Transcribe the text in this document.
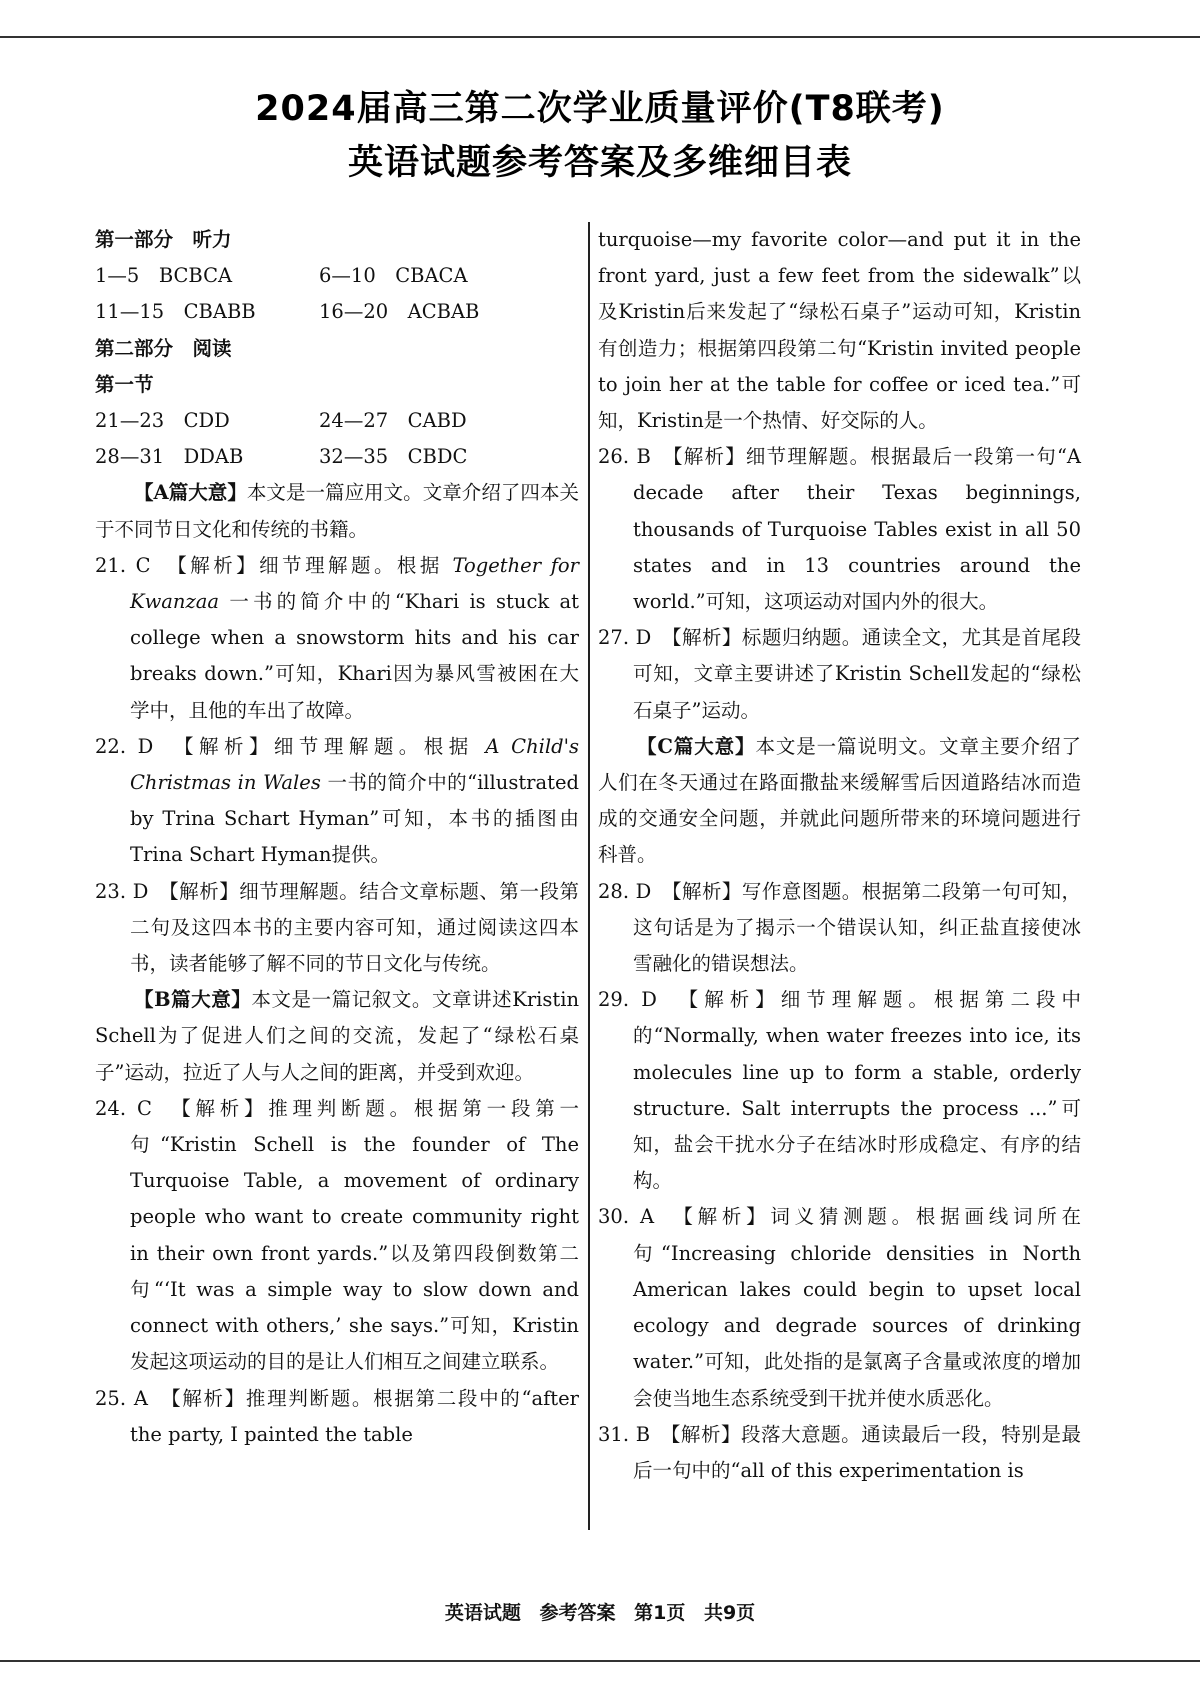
2024届高三第二次学业质量评价(T8联考)
英语试题参考答案及多维细目表
第一部分　听力
1—5　BCBCA	6—10　CBACA
11—15　CBABB	16—20　ACBAB
第二部分　阅读
第一节
21—23　CDD	24—27　CABD
28—31　DDAB	32—35　CBDC
【A篇大意】本文是一篇应用文。文章介绍了四本关于不同节日文化和传统的书籍。
21. C　【解析】细节理解题。根据 Together for Kwanzaa 一书的简介中的“Khari is stuck at college when a snowstorm hits and his car breaks down.”可知，Khari因为暴风雪被困在大学中，且他的车出了故障。
22. D　【解析】细节理解题。根据 A Child's Christmas in Wales 一书的简介中的“illustrated by Trina Schart Hyman”可知，本书的插图由Trina Schart Hyman提供。
23. D　【解析】细节理解题。结合文章标题、第一段第二句及这四本书的主要内容可知，通过阅读这四本书，读者能够了解不同的节日文化与传统。
【B篇大意】本文是一篇记叙文。文章讲述Kristin Schell为了促进人们之间的交流，发起了“绿松石桌子”运动，拉近了人与人之间的距离，并受到欢迎。
24. C　【解析】推理判断题。根据第一段第一句“Kristin Schell is the founder of The Turquoise Table, a movement of ordinary people who want to create community right in their own front yards.”以及第四段倒数第二句“‘It was a simple way to slow down and connect with others,’ she says.”可知，Kristin发起这项运动的目的是让人们相互之间建立联系。
25. A　【解析】推理判断题。根据第二段中的“after the party, I painted the table
turquoise—my favorite color—and put it in the front yard, just a few feet from the sidewalk”以及Kristin后来发起了“绿松石桌子”运动可知，Kristin有创造力；根据第四段第二句“Kristin invited people to join her at the table for coffee or iced tea.”可知，Kristin是一个热情、好交际的人。
26. B　【解析】细节理解题。根据最后一段第一句“A decade after their Texas beginnings, thousands of Turquoise Tables exist in all 50 states and in 13 countries around the world.”可知，这项运动对国内外的很大。
27. D　【解析】标题归纳题。通读全文，尤其是首尾段可知，文章主要讲述了Kristin Schell发起的“绿松石桌子”运动。
【C篇大意】本文是一篇说明文。文章主要介绍了人们在冬天通过在路面撒盐来缓解雪后因道路结冰而造成的交通安全问题，并就此问题所带来的环境问题进行科普。
28. D　【解析】写作意图题。根据第二段第一句可知，这句话是为了揭示一个错误认知，纠正盐直接使冰雪融化的错误想法。
29. D　【解析】细节理解题。根据第二段中的“Normally, when water freezes into ice, its molecules line up to form a stable, orderly structure. Salt interrupts the process ...”可知，盐会干扰水分子在结冰时形成稳定、有序的结构。
30. A　【解析】词义猜测题。根据画线词所在句“Increasing chloride densities in North American lakes could begin to upset local ecology and degrade sources of drinking water.”可知，此处指的是氯离子含量或浓度的增加会使当地生态系统受到干扰并使水质恶化。
31. B　【解析】段落大意题。通读最后一段，特别是最后一句中的“all of this experimentation is
英语试题 参考答案 第1页 共9页
